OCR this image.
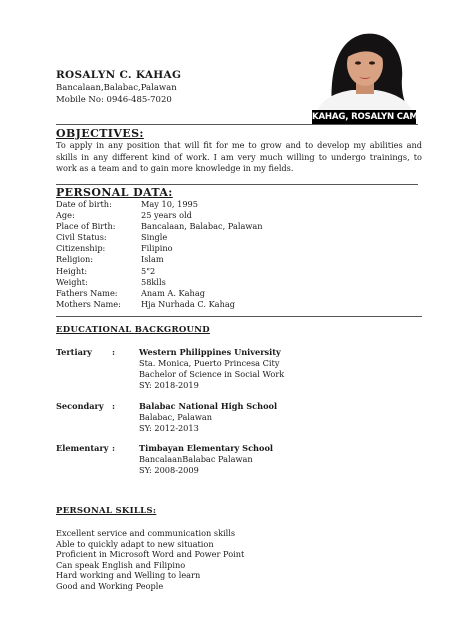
ROSALYN C. KAHAG
Bancalaan,Balabac,Palawan
Mobile No: 0946-485-7020
KAHAG, ROSALYN CAMA
OBJECTIVES:
To apply in any position that will fit for me to grow and to develop my abilities and skills in any different kind of work. I am very much willing to undergo trainings, to work as a team and to gain more knowledge in my fields.
PERSONAL DATA:
Date of birth:	May 10, 1995
Age:	25 years old
Place of Birth:	Bancalaan, Balabac, Palawan
Civil Status:	Single
Citizenship:	Filipino
Religion:	Islam
Height:	5"2
Weight:	58klls
Fathers Name:	Anam A. Kahag
Mothers Name:	Hja Nurhada C. Kahag
EDUCATIONAL BACKGROUND
Tertiary :	Western Philippines University
Sta. Monica, Puerto Princesa City
Bachelor of Science in Social Work
SY: 2018-2019
Secondary :	Balabac National High School
Balabac, Palawan
SY: 2012-2013
Elementary :	Timbayan Elementary School
BancalaanBalabac Palawan
SY: 2008-2009
PERSONAL SKILLS:
Excellent service and communication skills
Able to quickly adapt to new situation
Proficient in Microsoft Word and Power Point
Can speak English and Filipino
Hard working and Welling to learn
Good and Working People
